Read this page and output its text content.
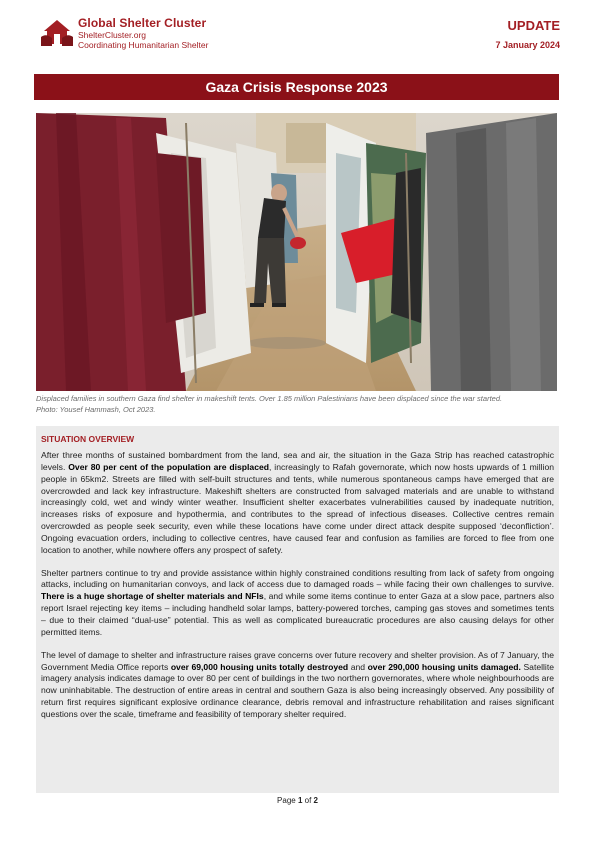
Global Shelter Cluster
ShelterCluster.org
Coordinating Humanitarian Shelter
UPDATE
7 January 2024
Gaza Crisis Response 2023
Displaced families in southern Gaza find shelter in makeshift tents. Over 1.85 million Palestinians have been displaced since the war started.
Photo: Yousef Hammash, Oct 2023.
SITUATION OVERVIEW

After three months of sustained bombardment from the land, sea and air, the situation in the Gaza Strip has reached catastrophic levels. Over 80 per cent of the population are displaced, increasingly to Rafah governorate, which now hosts upwards of 1 million people in 65km2. Streets are filled with self-built structures and tents, while numerous spontaneous camps have emerged that are overcrowded and lack key infrastructure. Makeshift shelters are constructed from salvaged materials and are unable to withstand increasingly cold, wet and windy winter weather. Insufficient shelter exacerbates vulnerabilities caused by inadequate nutrition, increases risks of exposure and hypothermia, and contributes to the spread of infectious diseases. Collective centres remain overcrowded as people seek security, even while these locations have come under direct attack despite supposed ‘deconfliction’. Ongoing evacuation orders, including to collective centres, have caused fear and confusion as families are forced to flee from one location to another, while nowhere offers any prospect of safety.

Shelter partners continue to try and provide assistance within highly constrained conditions resulting from lack of safety from ongoing attacks, including on humanitarian convoys, and lack of access due to damaged roads – while facing their own challenges to survive. There is a huge shortage of shelter materials and NFIs, and while some items continue to enter Gaza at a slow pace, partners also report Israel rejecting key items – including handheld solar lamps, battery-powered torches, camping gas stoves and sometimes tents – due to their claimed “dual-use” potential. This as well as complicated bureaucratic procedures are also causing delays for other permitted items.

The level of damage to shelter and infrastructure raises grave concerns over future recovery and shelter provision. As of 7 January, the Government Media Office reports over 69,000 housing units totally destroyed and over 290,000 housing units damaged. Satellite imagery analysis indicates damage to over 80 per cent of buildings in the two northern governorates, where whole neighbourhoods are now uninhabitable. The destruction of entire areas in central and southern Gaza is also being increasingly observed. Any possibility of return first requires significant explosive ordinance clearance, debris removal and infrastructure rehabilitation and raises significant questions over the scale, timeframe and feasibility of temporary shelter required.

Page 1 of 2
